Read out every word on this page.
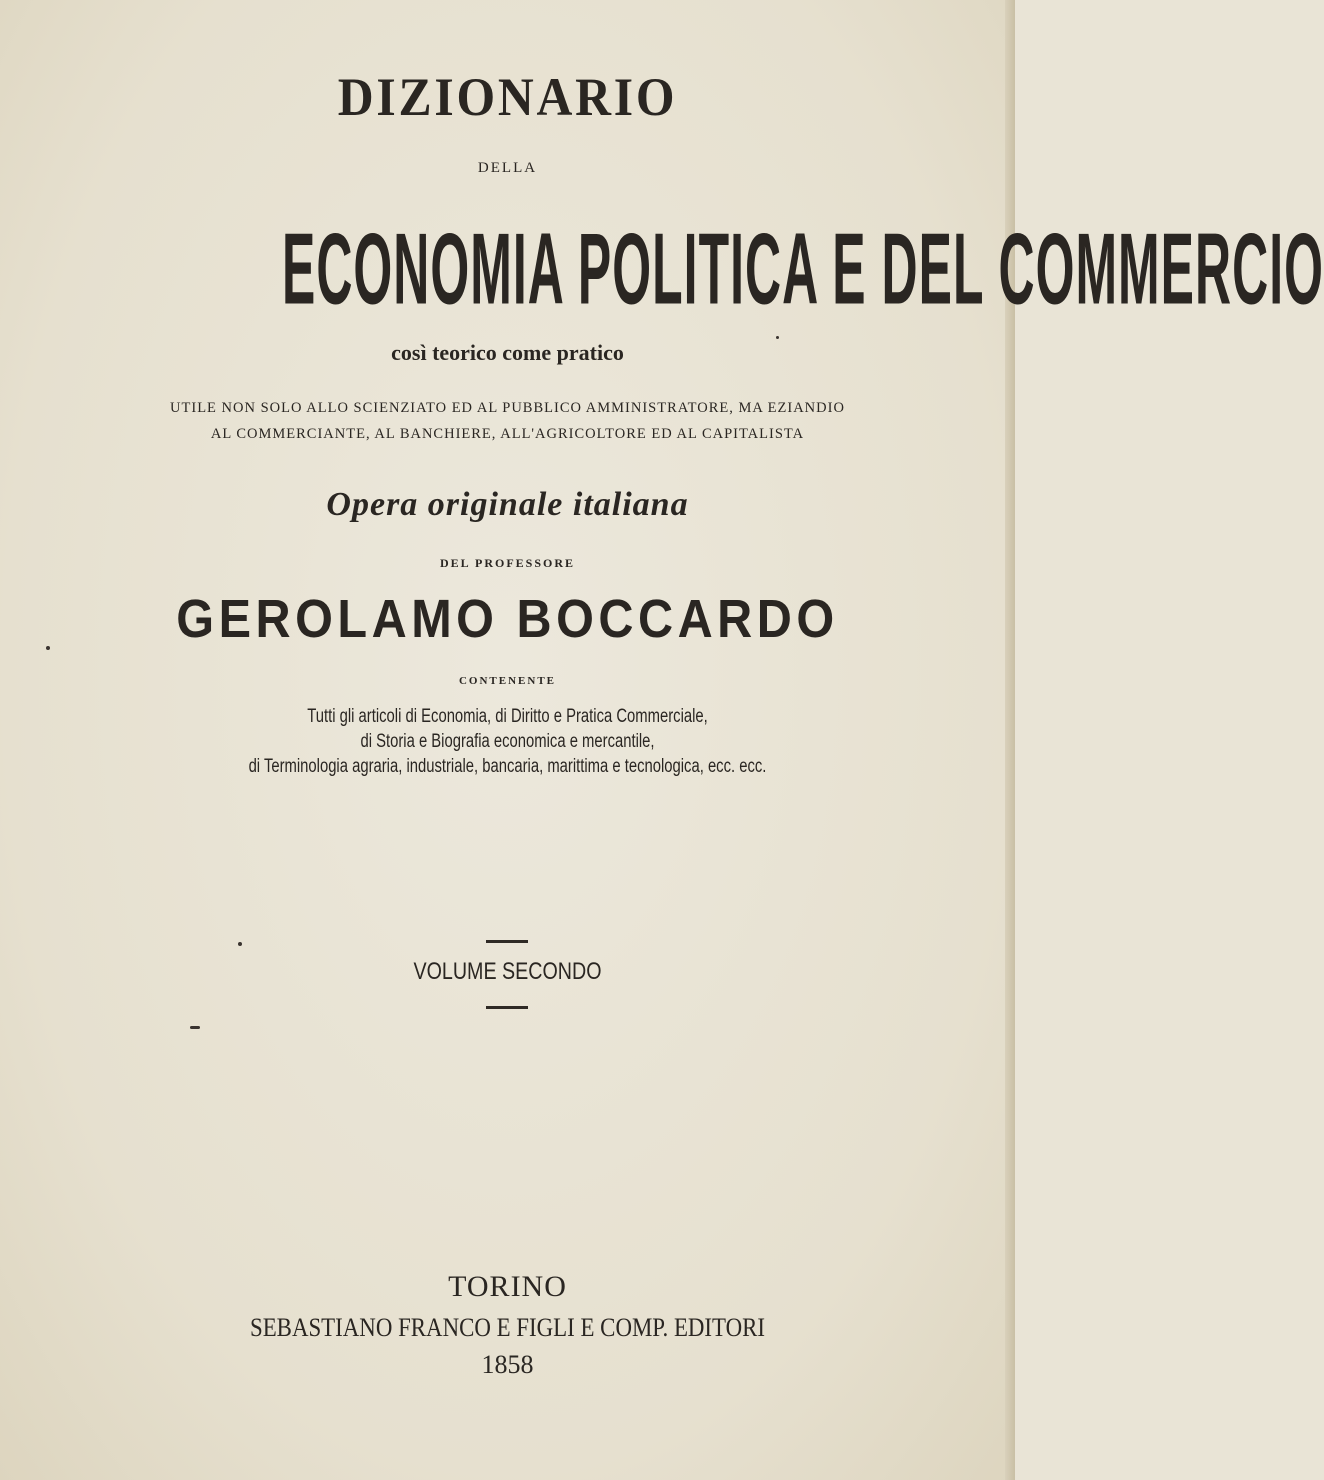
DIZIONARIO
DELLA
ECONOMIA POLITICA E DEL COMMERCIO
così teorico come pratico
UTILE NON SOLO ALLO SCIENZIATO ED AL PUBBLICO AMMINISTRATORE, MA EZIANDIO
AL COMMERCIANTE, AL BANCHIERE, ALL'AGRICOLTORE ED AL CAPITALISTA
Opera originale italiana
DEL PROFESSORE
GEROLAMO BOCCARDO
CONTENENTE
Tutti gli articoli di Economia, di Diritto e Pratica Commerciale,
di Storia e Biografia economica e mercantile,
di Terminologia agraria, industriale, bancaria, marittima e tecnologica, ecc. ecc.
VOLUME SECONDO
TORINO
SEBASTIANO FRANCO E FIGLI E COMP. EDITORI
1858
